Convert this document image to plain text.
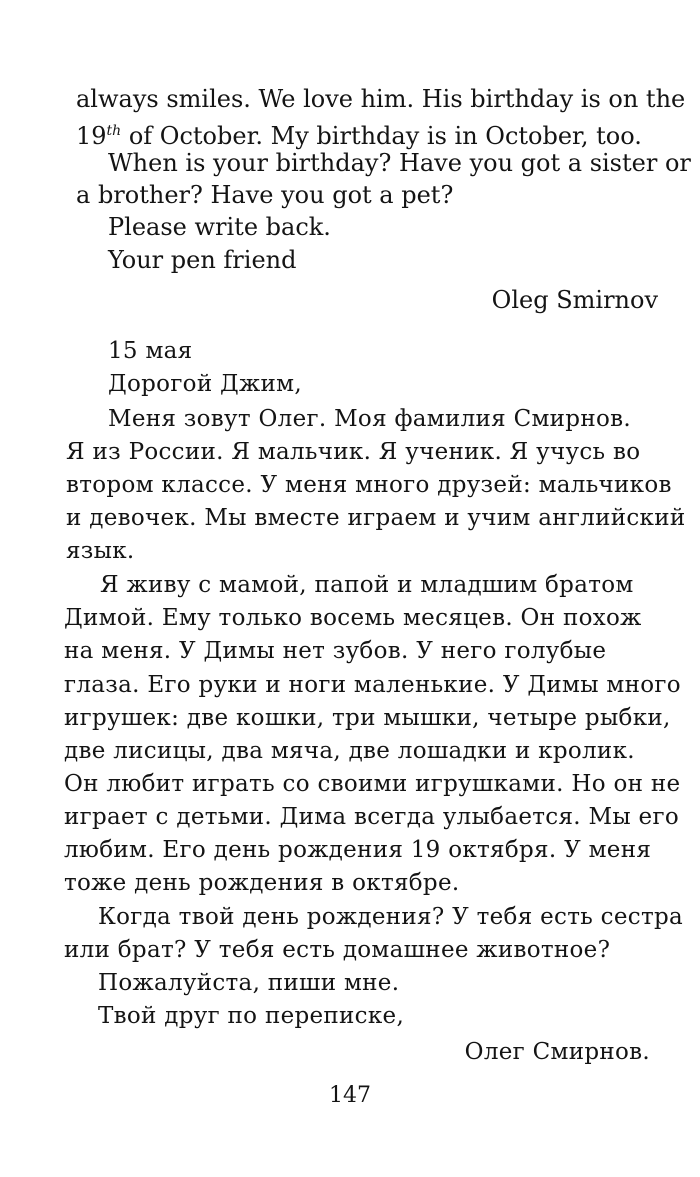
always smiles. We love him. His birthday is on the
19th of October. My birthday is in October, too.
When is your birthday? Have you got a sister or
a brother? Have you got a pet?
Please write back.
Your pen friend
Oleg Smirnov
15 мая
Дорогой Джим,
Меня зовут Олег. Моя фамилия Смирнов.
Я из России. Я мальчик. Я ученик. Я учусь во
втором классе. У меня много друзей: мальчиков
и девочек. Мы вместе играем и учим английский
язык.
Я живу с мамой, папой и младшим братом
Димой. Ему только восемь месяцев. Он похож
на меня. У Димы нет зубов. У него голубые
глаза. Его руки и ноги маленькие. У Димы много
игрушек: две кошки, три мышки, четыре рыбки,
две лисицы, два мяча, две лошадки и кролик.
Он любит играть со своими игрушками. Но он не
играет с детьми. Дима всегда улыбается. Мы его
любим. Его день рождения 19 октября. У меня
тоже день рождения в октябре.
Когда твой день рождения? У тебя есть сестра
или брат? У тебя есть домашнее животное?
Пожалуйста, пиши мне.
Твой друг по переписке,
Олег Смирнов.
147
